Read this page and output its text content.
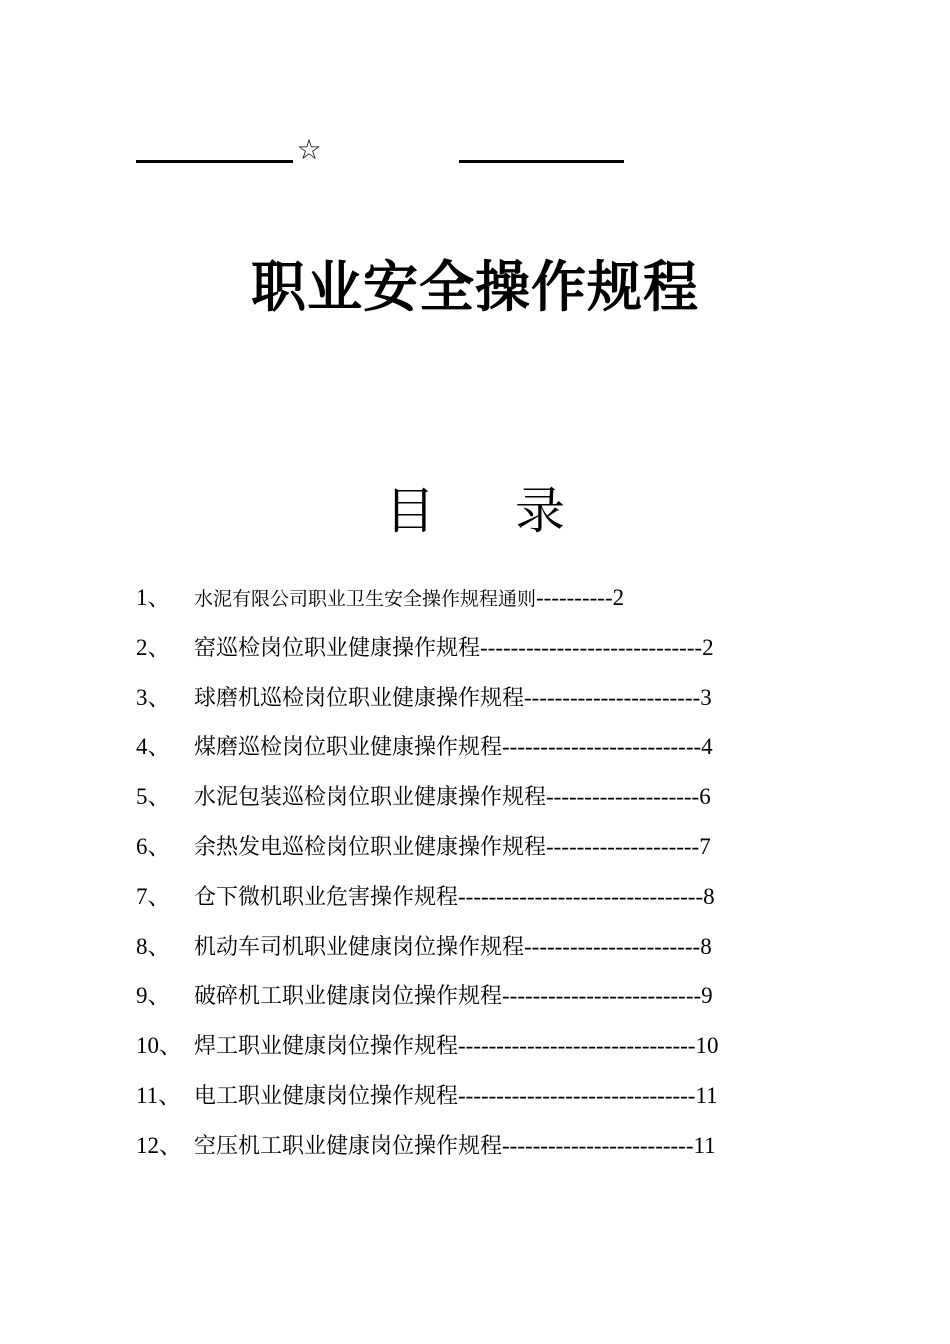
☆
职业安全操作规程
目 录
1、 水泥有限公司职业卫生安全操作规程通则----------2
2、 窑巡检岗位职业健康操作规程-----------------------------2
3、 球磨机巡检岗位职业健康操作规程-----------------------3
4、 煤磨巡检岗位职业健康操作规程--------------------------4
5、 水泥包装巡检岗位职业健康操作规程--------------------6
6、 余热发电巡检岗位职业健康操作规程--------------------7
7、 仓下微机职业危害操作规程--------------------------------8
8、 机动车司机职业健康岗位操作规程-----------------------8
9、 破碎机工职业健康岗位操作规程--------------------------9
10、 焊工职业健康岗位操作规程-------------------------------10
11、 电工职业健康岗位操作规程-------------------------------11
12、 空压机工职业健康岗位操作规程-------------------------11
